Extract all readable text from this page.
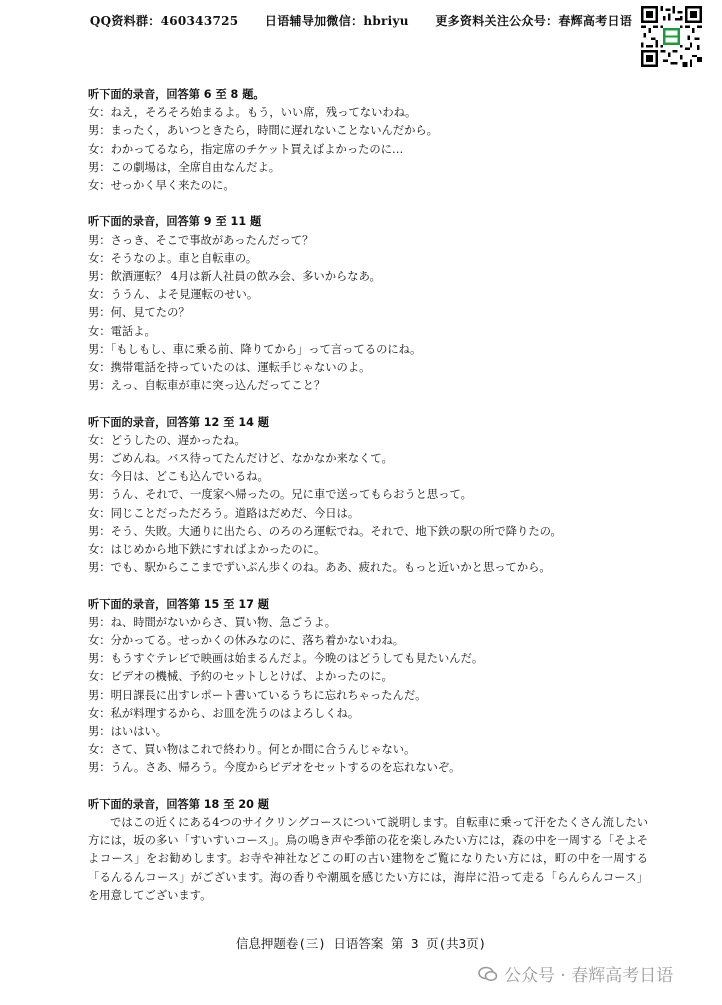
QQ资料群：460343725 日语辅导加微信：hbriyu 更多资料关注公众号：春辉高考日语
听下面的录音，回答第 6 至 8 题。
女：ねえ，そろそろ始まるよ。もう，いい席，残ってないわね。
男：まったく，あいつときたら，時間に遅れないことないんだから。
女：わかってるなら，指定席のチケット買えばよかったのに…
男：この劇場は，全席自由なんだよ。
女：せっかく早く来たのに。
听下面的录音，回答第 9 至 11 题
男：さっき、そこで事故があったんだって？
女：そうなのよ。車と自転車の。
男：飲酒運転？ 4月は新人社員の飲み会、多いからなあ。
女：ううん、よそ見運転のせい。
男：何、見てたの？
女：電話よ。
男：「もしもし、車に乗る前、降りてから」って言ってるのにね。
女：携帯電話を持っていたのは、運転手じゃないのよ。
男：えっ、自転車が車に突っ込んだってこと？
听下面的录音，回答第 12 至 14 题
女：どうしたの、遅かったね。
男：ごめんね。バス待ってたんだけど、なかなか来なくて。
女：今日は、どこも込んでいるね。
男：うん、それで、一度家へ帰ったの。兄に車で送ってもらおうと思って。
女：同じことだっただろう。道路はだめだ、今日は。
男：そう、失敗。大通りに出たら、のろのろ運転でね。それで、地下鉄の駅の所で降りたの。
女：はじめから地下鉄にすればよかったのに。
男：でも、駅からここまでずいぶん歩くのね。ああ、疲れた。もっと近いかと思ってから。
听下面的录音，回答第 15 至 17 题
男：ね、時間がないからさ、買い物、急ごうよ。
女：分かってる。せっかくの休みなのに、落ち着かないわね。
男：もうすぐテレビで映画は始まるんだよ。今晩のはどうしても見たいんだ。
女：ビデオの機械、予約のセットしとけば、よかったのに。
男：明日課長に出すレポート書いているうちに忘れちゃったんだ。
女：私が料理するから、お皿を洗うのはよろしくね。
男：はいはい。
女：さて、買い物はこれで終わり。何とか間に合うんじゃない。
男：うん。さあ、帰ろう。今度からビデオをセットするのを忘れないぞ。
听下面的录音，回答第 18 至 20 题
ではこの近くにある4つのサイクリングコースについて説明します。自転車に乗って汗をたくさん流したい方には，坂の多い「すいすいコース」。鳥の鳴き声や季節の花を楽しみたい方には，森の中を一周する「そよそよコース」をお勧めします。お寺や神社などこの町の古い建物をご覧になりたい方には，町の中を一周する「るんるんコース」がございます。海の香りや潮風を感じたい方には，海岸に沿って走る「らんらんコース」を用意してございます。
信息押题卷(三) 日语答案 第 3 页(共3页)
公众号 · 春辉高考日语
